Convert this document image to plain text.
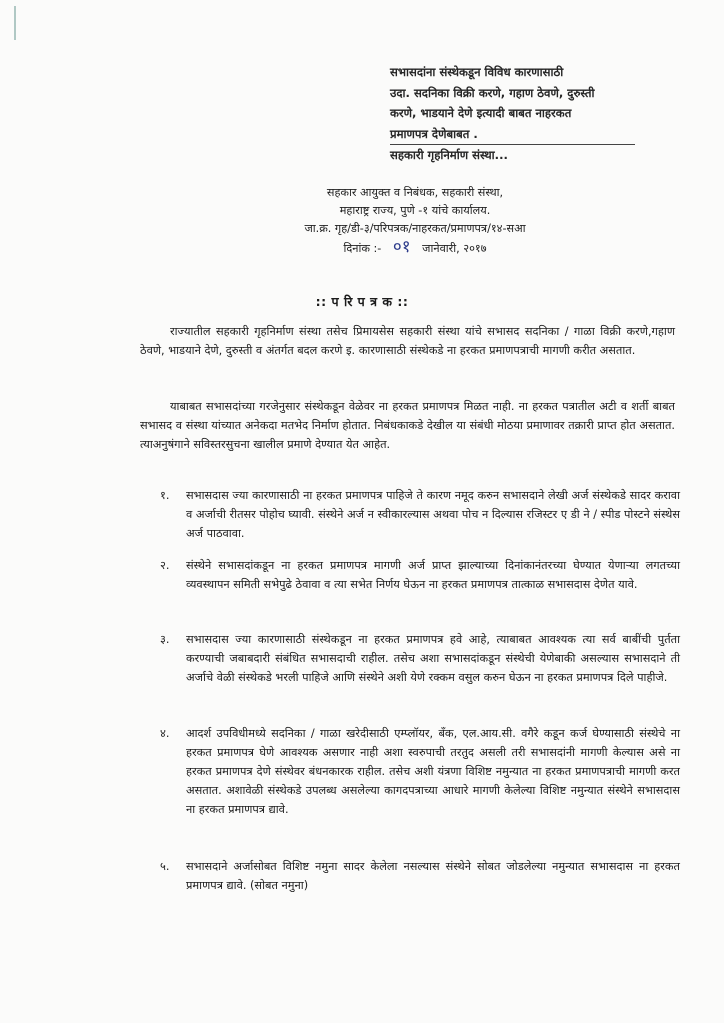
सभासदांना संस्थेकडून विविध कारणासाठी
उदा. सदनिका विक्री करणे, गहाण ठेवणे, दुरुस्ती
करणे, भाडयाने देणे इत्यादी बाबत नाहरकत
प्रमाणपत्र देणेबाबत .
सहकारी गृहनिर्माण संस्था...
सहकार आयुक्त व निबंधक, सहकारी संस्था,
महाराष्ट्र राज्य, पुणे -१ यांचे कार्यालय.
जा.क्र. गृह/डी-३/परिपत्रक/नाहरकत/प्रमाणपत्र/१४-सआ
दिनांक :- ०१ जानेवारी, २०१७
:: प रि प त्र क ::
राज्यातील सहकारी गृहनिर्माण संस्था तसेच प्रिमायसेस सहकारी संस्था यांचे सभासद सदनिका / गाळा विक्री करणे,गहाण ठेवणे, भाडयाने देणे, दुरुस्ती व अंतर्गत बदल करणे इ. कारणासाठी संस्थेकडे ना हरकत प्रमाणपत्राची मागणी करीत असतात.
याबाबत सभासदांच्या गरजेनुसार संस्थेकडून वेळेवर ना हरकत प्रमाणपत्र मिळत नाही. ना हरकत पत्रातील अटी व शर्ती बाबत सभासद व संस्था यांच्यात अनेकदा मतभेद निर्माण होतात. निबंधकाकडे देखील या संबंधी मोठया प्रमाणावर तक्रारी प्राप्त होत असतात. त्याअनुषंगाने सविस्तरसुचना खालील प्रमाणे देण्यात येत आहेत.
१.	सभासदास ज्या कारणासाठी ना हरकत प्रमाणपत्र पाहिजे ते कारण नमूद करुन सभासदाने लेखी अर्ज संस्थेकडे सादर करावा व अर्जाची रीतसर पोहोच घ्यावी. संस्थेने अर्ज न स्वीकारल्यास अथवा पोच न दिल्यास रजिस्टर ए डी ने / स्पीड पोस्टने संस्थेस अर्ज पाठवावा.
२.	संस्थेने सभासदांकडून ना हरकत प्रमाणपत्र मागणी अर्ज प्राप्त झाल्याच्या दिनांकानंतरच्या घेण्यात येणाऱ्या लगतच्या व्यवस्थापन समिती सभेपुढे ठेवावा व त्या सभेत निर्णय घेऊन ना हरकत प्रमाणपत्र तात्काळ सभासदास देणेत यावे.
३.	सभासदास ज्या कारणासाठी संस्थेकडून ना हरकत प्रमाणपत्र हवे आहे, त्याबाबत आवश्यक त्या सर्व बाबींची पुर्तता करण्याची जबाबदारी संबंधित सभासदाची राहील. तसेच अशा सभासदांकडून संस्थेची येणेबाकी असल्यास सभासदाने ती अर्जाचे वेळी संस्थेकडे भरली पाहिजे आणि संस्थेने अशी येणे रक्कम वसुल करुन घेऊन ना हरकत प्रमाणपत्र दिले पाहीजे.
४.	आदर्श उपविधीमध्ये सदनिका / गाळा खरेदीसाठी एम्प्लॉयर, बँक, एल.आय.सी. वगैरे कडून कर्ज घेण्यासाठी संस्थेचे ना हरकत प्रमाणपत्र घेणे आवश्यक असणार नाही अशा स्वरुपाची तरतुद असली तरी सभासदांनी मागणी केल्यास असे ना हरकत प्रमाणपत्र देणे संस्थेवर बंधनकारक राहील. तसेच अशी यंत्रणा विशिष्ट नमुन्यात ना हरकत प्रमाणपत्राची मागणी करत असतात. अशावेळी संस्थेकडे उपलब्ध असलेल्या कागदपत्राच्या आधारे मागणी केलेल्या विशिष्ट नमुन्यात संस्थेने सभासदास ना हरकत प्रमाणपत्र द्यावे.
५.	सभासदाने अर्जासोबत विशिष्ट नमुना सादर केलेला नसल्यास संस्थेने सोबत जोडलेल्या नमुन्यात सभासदास ना हरकत प्रमाणपत्र द्यावे. (सोबत नमुना)
